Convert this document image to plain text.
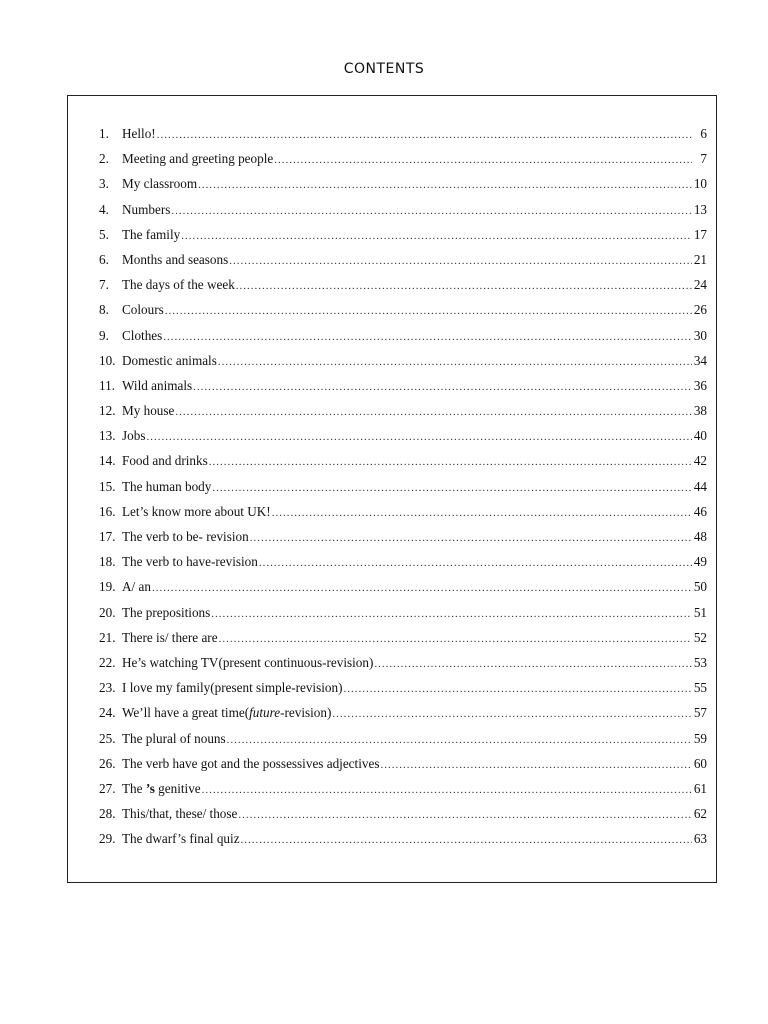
CONTENTS
1. Hello! .....	6
2. Meeting and greeting people .....	7
3. My classroom .....	10
4. Numbers .....	13
5. The family .....	17
6. Months and seasons .....	21
7. The days of the week .....	24
8. Colours .....	26
9. Clothes .....	30
10. Domestic animals .....	34
11. Wild animals .....	36
12. My house .....	38
13. Jobs .....	40
14. Food and drinks .....	42
15. The human body .....	44
16. Let’s know more about UK! .....	46
17. The verb to be- revision .....	48
18. The verb to have-revision .....	49
19. A/ an .....	50
20. The prepositions .....	51
21. There is/ there are .....	52
22. He’s watching TV(present continuous-revision) .....	53
23. I love my family(present simple-revision) .....	55
24. We’ll have a great time(future-revision) .....	57
25. The plural of nouns .....	59
26. The verb have got and the possessives adjectives .....	60
27. The ’s genitive .....	61
28. This/that, these/ those .....	62
29. The dwarf’s final quiz .....	63
